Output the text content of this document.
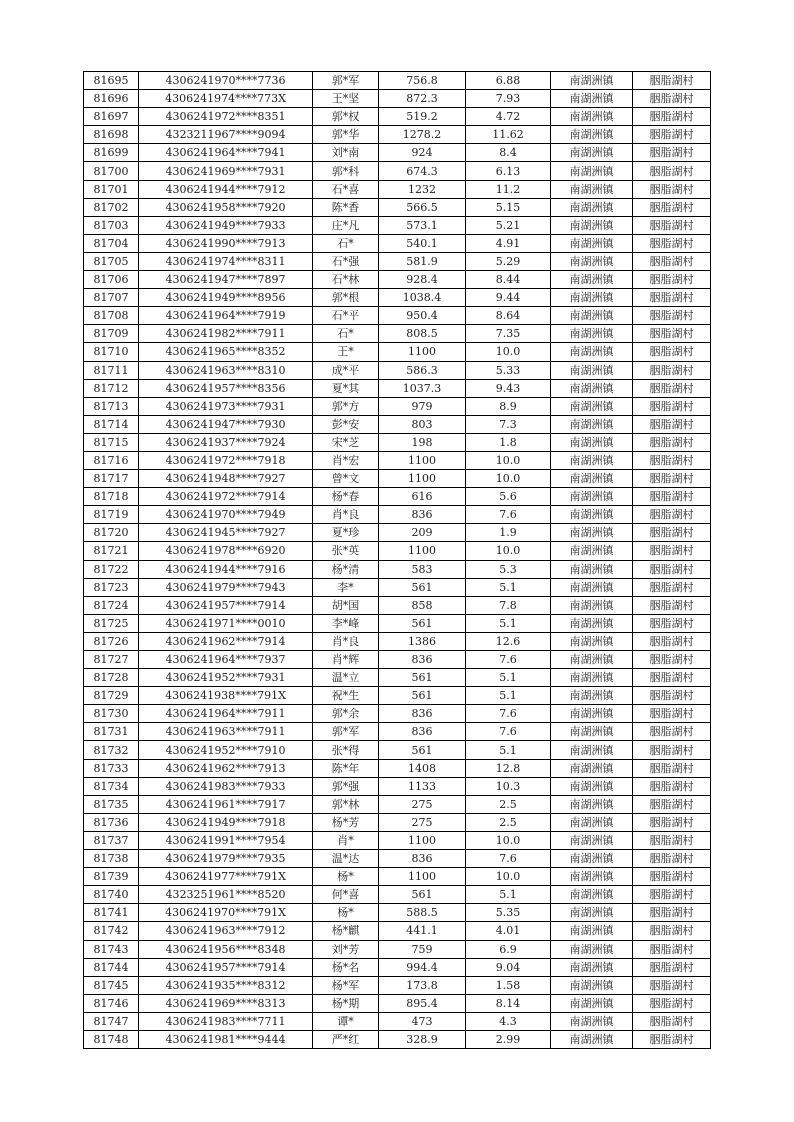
81695	4306241970****7736	郭*军	756.8	6.88	南湖洲镇	胭脂湖村
81696	4306241974****773X	王*坚	872.3	7.93	南湖洲镇	胭脂湖村
81697	4306241972****8351	郭*权	519.2	4.72	南湖洲镇	胭脂湖村
81698	4323211967****9094	郭*华	1278.2	11.62	南湖洲镇	胭脂湖村
81699	4306241964****7941	刘*南	924	8.4	南湖洲镇	胭脂湖村
81700	4306241969****7931	郭*科	674.3	6.13	南湖洲镇	胭脂湖村
81701	4306241944****7912	石*喜	1232	11.2	南湖洲镇	胭脂湖村
81702	4306241958****7920	陈*香	566.5	5.15	南湖洲镇	胭脂湖村
81703	4306241949****7933	庄*凡	573.1	5.21	南湖洲镇	胭脂湖村
81704	4306241990****7913	石*	540.1	4.91	南湖洲镇	胭脂湖村
81705	4306241974****8311	石*强	581.9	5.29	南湖洲镇	胭脂湖村
81706	4306241947****7897	石*林	928.4	8.44	南湖洲镇	胭脂湖村
81707	4306241949****8956	郭*根	1038.4	9.44	南湖洲镇	胭脂湖村
81708	4306241964****7919	石*平	950.4	8.64	南湖洲镇	胭脂湖村
81709	4306241982****7911	石*	808.5	7.35	南湖洲镇	胭脂湖村
81710	4306241965****8352	王*	1100	10.0	南湖洲镇	胭脂湖村
81711	4306241963****8310	成*平	586.3	5.33	南湖洲镇	胭脂湖村
81712	4306241957****8356	夏*其	1037.3	9.43	南湖洲镇	胭脂湖村
81713	4306241973****7931	郭*方	979	8.9	南湖洲镇	胭脂湖村
81714	4306241947****7930	彭*安	803	7.3	南湖洲镇	胭脂湖村
81715	4306241937****7924	宋*芝	198	1.8	南湖洲镇	胭脂湖村
81716	4306241972****7918	肖*宏	1100	10.0	南湖洲镇	胭脂湖村
81717	4306241948****7927	曾*文	1100	10.0	南湖洲镇	胭脂湖村
81718	4306241972****7914	杨*春	616	5.6	南湖洲镇	胭脂湖村
81719	4306241970****7949	肖*良	836	7.6	南湖洲镇	胭脂湖村
81720	4306241945****7927	夏*珍	209	1.9	南湖洲镇	胭脂湖村
81721	4306241978****6920	张*英	1100	10.0	南湖洲镇	胭脂湖村
81722	4306241944****7916	杨*清	583	5.3	南湖洲镇	胭脂湖村
81723	4306241979****7943	李*	561	5.1	南湖洲镇	胭脂湖村
81724	4306241957****7914	胡*国	858	7.8	南湖洲镇	胭脂湖村
81725	4306241971****0010	李*峰	561	5.1	南湖洲镇	胭脂湖村
81726	4306241962****7914	肖*良	1386	12.6	南湖洲镇	胭脂湖村
81727	4306241964****7937	肖*辉	836	7.6	南湖洲镇	胭脂湖村
81728	4306241952****7931	温*立	561	5.1	南湖洲镇	胭脂湖村
81729	4306241938****791X	祝*生	561	5.1	南湖洲镇	胭脂湖村
81730	4306241964****7911	郭*余	836	7.6	南湖洲镇	胭脂湖村
81731	4306241963****7911	郭*军	836	7.6	南湖洲镇	胭脂湖村
81732	4306241952****7910	张*得	561	5.1	南湖洲镇	胭脂湖村
81733	4306241962****7913	陈*年	1408	12.8	南湖洲镇	胭脂湖村
81734	4306241983****7933	郭*强	1133	10.3	南湖洲镇	胭脂湖村
81735	4306241961****7917	郭*林	275	2.5	南湖洲镇	胭脂湖村
81736	4306241949****7918	杨*芳	275	2.5	南湖洲镇	胭脂湖村
81737	4306241991****7954	肖*	1100	10.0	南湖洲镇	胭脂湖村
81738	4306241979****7935	温*达	836	7.6	南湖洲镇	胭脂湖村
81739	4306241977****791X	杨*	1100	10.0	南湖洲镇	胭脂湖村
81740	4323251961****8520	何*喜	561	5.1	南湖洲镇	胭脂湖村
81741	4306241970****791X	杨*	588.5	5.35	南湖洲镇	胭脂湖村
81742	4306241963****7912	杨*麒	441.1	4.01	南湖洲镇	胭脂湖村
81743	4306241956****8348	刘*芳	759	6.9	南湖洲镇	胭脂湖村
81744	4306241957****7914	杨*名	994.4	9.04	南湖洲镇	胭脂湖村
81745	4306241935****8312	杨*军	173.8	1.58	南湖洲镇	胭脂湖村
81746	4306241969****8313	杨*期	895.4	8.14	南湖洲镇	胭脂湖村
81747	4306241983****7711	谭*	473	4.3	南湖洲镇	胭脂湖村
81748	4306241981****9444	严*红	328.9	2.99	南湖洲镇	胭脂湖村
